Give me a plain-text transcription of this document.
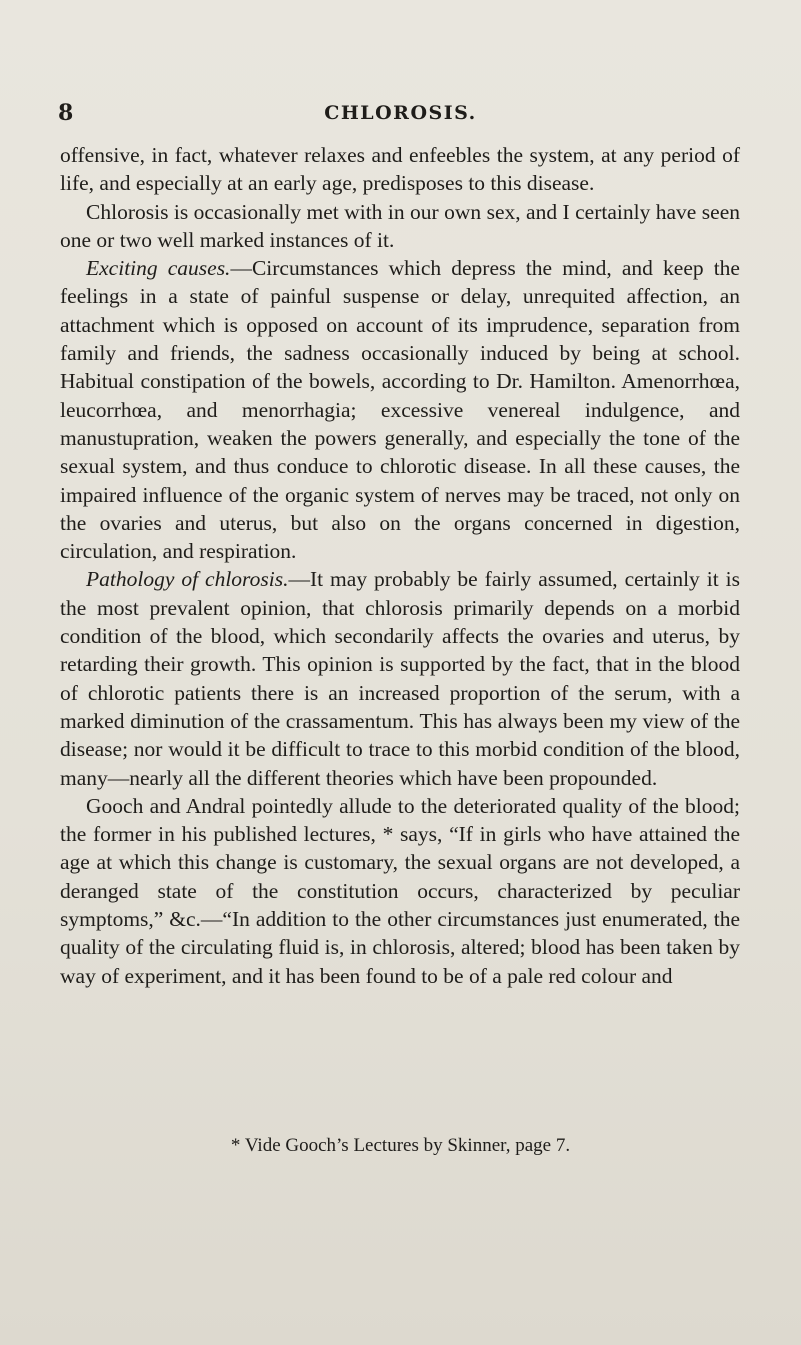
8	CHLOROSIS.

offensive, in fact, whatever relaxes and enfeebles the system, at any period of life, and especially at an early age, predisposes to this disease.

Chlorosis is occasionally met with in our own sex, and I certainly have seen one or two well marked instances of it.

Exciting causes.—Circumstances which depress the mind, and keep the feelings in a state of painful suspense or delay, unrequited affection, an attachment which is opposed on account of its imprudence, separation from family and friends, the sadness occasionally induced by being at school. Habitual constipation of the bowels, according to Dr. Hamilton. Amenorrhœa, leucorrhœa, and menorrhagia; excessive venereal indulgence, and manustupration, weaken the powers generally, and especially the tone of the sexual system, and thus conduce to chlorotic disease. In all these causes, the impaired influence of the organic system of nerves may be traced, not only on the ovaries and uterus, but also on the organs concerned in digestion, circulation, and respiration.

Pathology of chlorosis.—It may probably be fairly assumed, certainly it is the most prevalent opinion, that chlorosis primarily depends on a morbid condition of the blood, which secondarily affects the ovaries and uterus, by retarding their growth. This opinion is supported by the fact, that in the blood of chlorotic patients there is an increased proportion of the serum, with a marked diminution of the crassamentum. This has always been my view of the disease; nor would it be difficult to trace to this morbid condition of the blood, many—nearly all the different theories which have been propounded.

Gooch and Andral pointedly allude to the deteriorated quality of the blood; the former in his published lectures, * says, “If in girls who have attained the age at which this change is customary, the sexual organs are not developed, a deranged state of the constitution occurs, characterized by peculiar symptoms,” &c.—“In addition to the other circumstances just enumerated, the quality of the circulating fluid is, in chlorosis, altered; blood has been taken by way of experiment, and it has been found to be of a pale red colour and

* Vide Gooch’s Lectures by Skinner, page 7.
